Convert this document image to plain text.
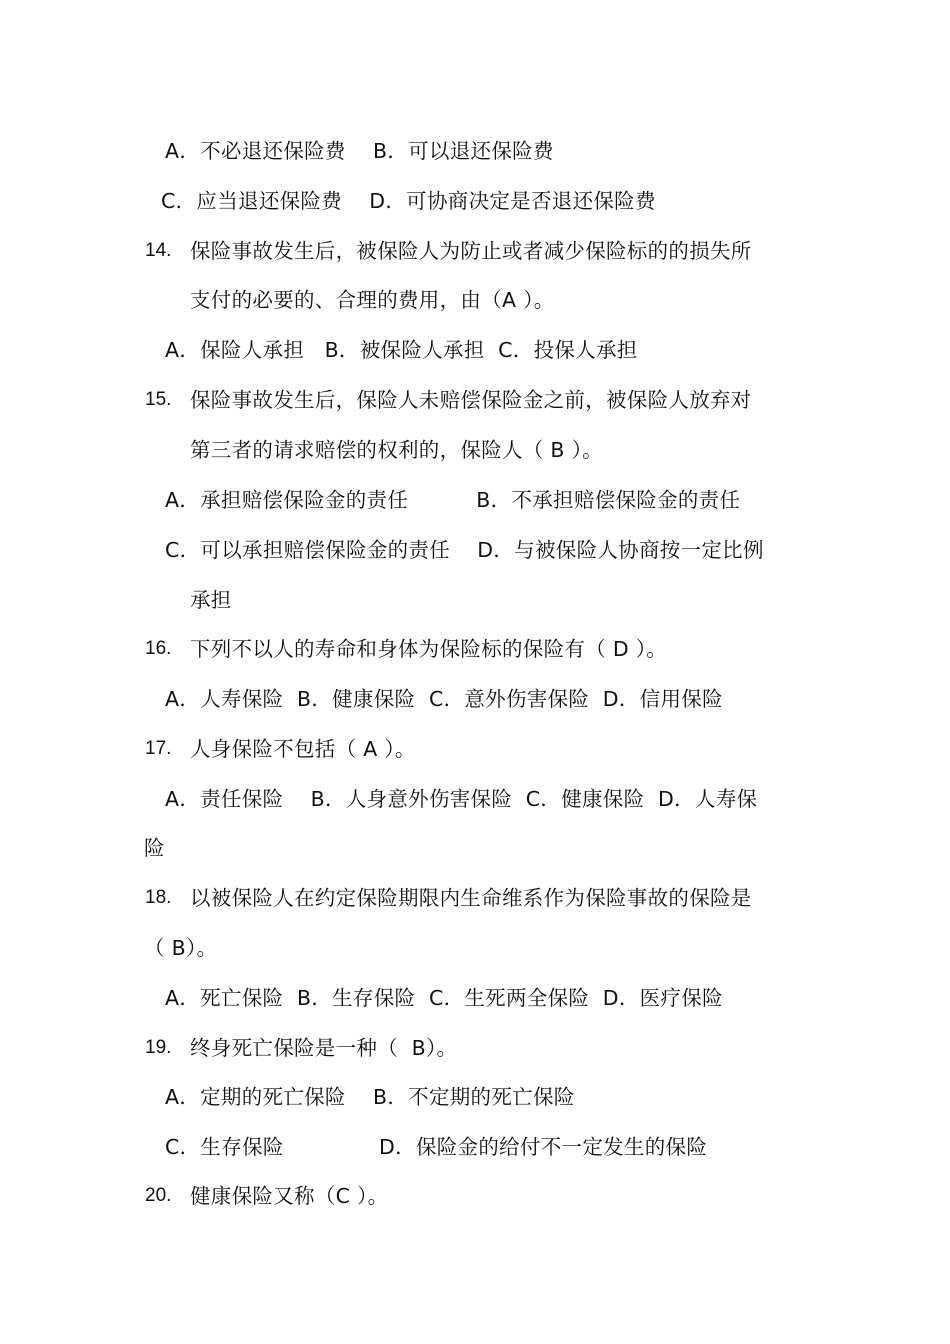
A．不必退还保险费    B．可以退还保险费
C．应当退还保险费    D．可协商决定是否退还保险费
14. 保险事故发生后，被保险人为防止或者减少保险标的的损失所
支付的必要的、合理的费用，由（A ）。
A．保险人承担   B．被保险人承担  C．投保人承担
15. 保险事故发生后，保险人未赔偿保险金之前，被保险人放弃对
第三者的请求赔偿的权利的，保险人（ B ）。
A．承担赔偿保险金的责任          B．不承担赔偿保险金的责任
C．可以承担赔偿保险金的责任    D．与被保险人协商按一定比例
承担
16. 下列不以人的寿命和身体为保险标的保险有（ D ）。
A．人寿保险  B．健康保险  C．意外伤害保险  D．信用保险
17. 人身保险不包括（ A ）。
A．责任保险    B．人身意外伤害保险  C．健康保险  D．人寿保
险
18. 以被保险人在约定保险期限内生命维系作为保险事故的保险是
（ B）。
A．死亡保险  B．生存保险  C．生死两全保险  D．医疗保险
19. 终身死亡保险是一种（  B）。
A．定期的死亡保险    B．不定期的死亡保险
C．生存保险              D．保险金的给付不一定发生的保险
20. 健康保险又称（C ）。
